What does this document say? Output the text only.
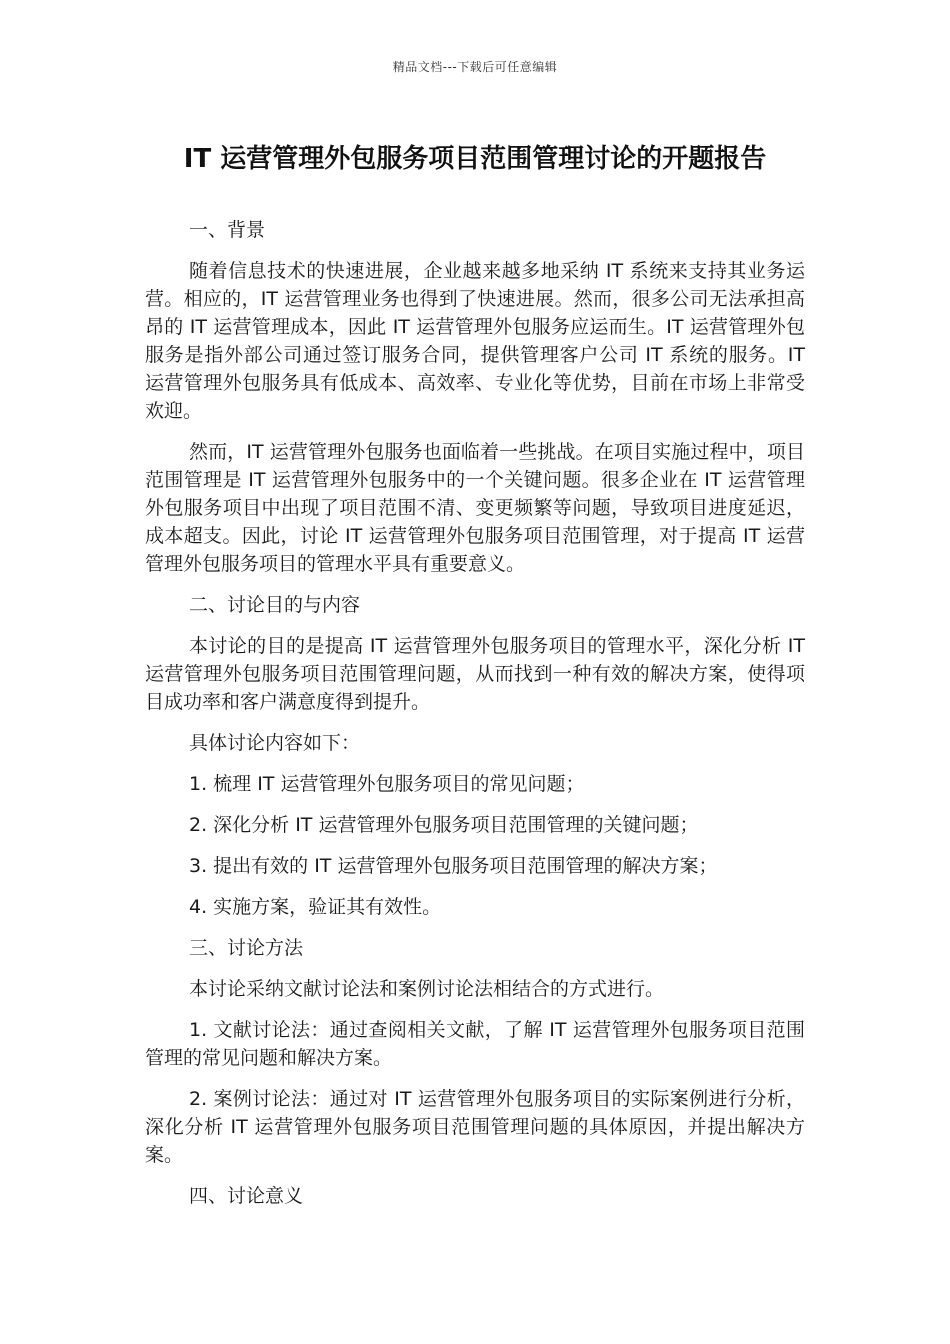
精品文档---下载后可任意编辑
IT 运营管理外包服务项目范围管理讨论的开题报告

一、背景

随着信息技术的快速进展，企业越来越多地采纳 IT 系统来支持其业务运营。相应的，IT 运营管理业务也得到了快速进展。然而，很多公司无法承担高昂的 IT 运营管理成本，因此 IT 运营管理外包服务应运而生。IT 运营管理外包服务是指外部公司通过签订服务合同，提供管理客户公司 IT 系统的服务。IT 运营管理外包服务具有低成本、高效率、专业化等优势，目前在市场上非常受欢迎。

然而，IT 运营管理外包服务也面临着一些挑战。在项目实施过程中，项目范围管理是 IT 运营管理外包服务中的一个关键问题。很多企业在 IT 运营管理外包服务项目中出现了项目范围不清、变更频繁等问题，导致项目进度延迟，成本超支。因此，讨论 IT 运营管理外包服务项目范围管理，对于提高 IT 运营管理外包服务项目的管理水平具有重要意义。

二、讨论目的与内容

本讨论的目的是提高 IT 运营管理外包服务项目的管理水平，深化分析 IT 运营管理外包服务项目范围管理问题，从而找到一种有效的解决方案，使得项目成功率和客户满意度得到提升。

具体讨论内容如下：

1. 梳理 IT 运营管理外包服务项目的常见问题；

2. 深化分析 IT 运营管理外包服务项目范围管理的关键问题；

3. 提出有效的 IT 运营管理外包服务项目范围管理的解决方案；

4. 实施方案，验证其有效性。

三、讨论方法

本讨论采纳文献讨论法和案例讨论法相结合的方式进行。

1. 文献讨论法：通过查阅相关文献，了解 IT 运营管理外包服务项目范围管理的常见问题和解决方案。

2. 案例讨论法：通过对 IT 运营管理外包服务项目的实际案例进行分析，深化分析 IT 运营管理外包服务项目范围管理问题的具体原因，并提出解决方案。

四、讨论意义
